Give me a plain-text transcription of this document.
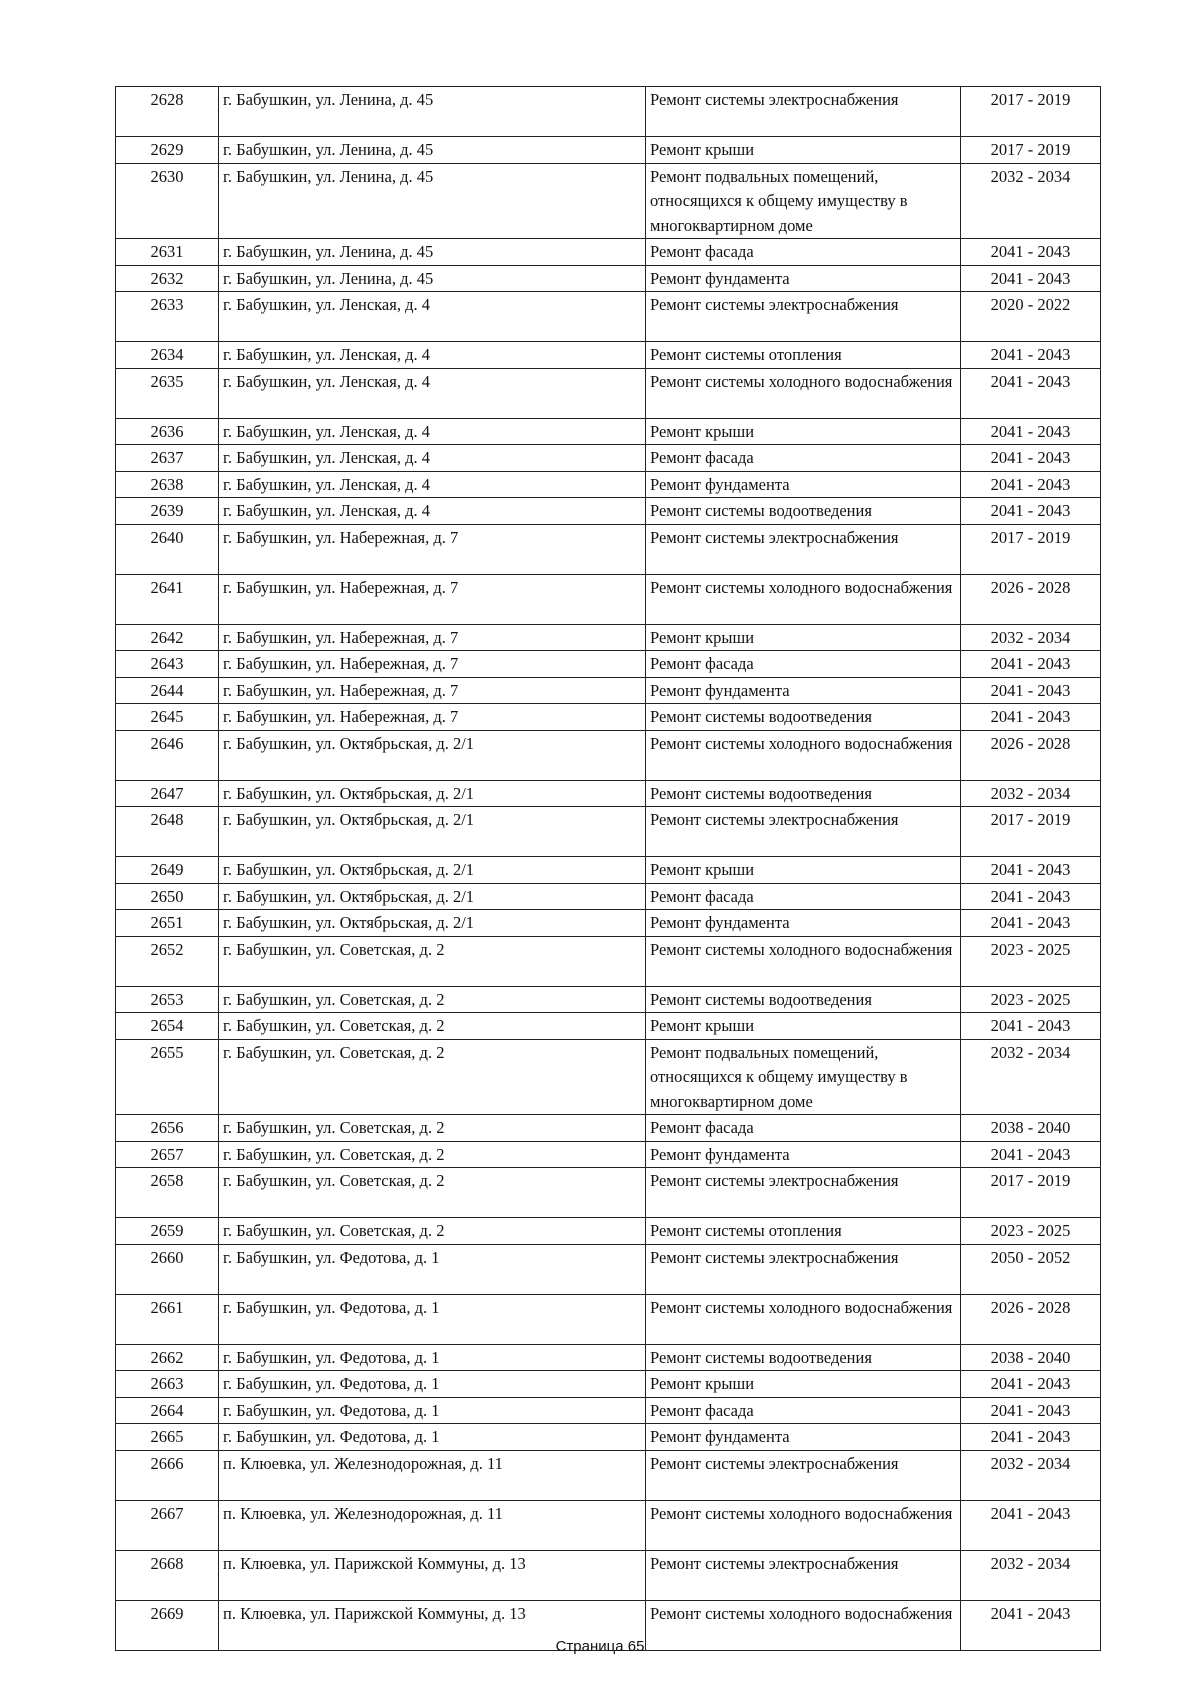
2628	г. Бабушкин, ул. Ленина, д. 45	Ремонт системы электроснабжения	2017 - 2019
2629	г. Бабушкин, ул. Ленина, д. 45	Ремонт крыши	2017 - 2019
2630	г. Бабушкин, ул. Ленина, д. 45	Ремонт подвальных помещений, относящихся к общему имуществу в многоквартирном доме	2032 - 2034
2631	г. Бабушкин, ул. Ленина, д. 45	Ремонт фасада	2041 - 2043
2632	г. Бабушкин, ул. Ленина, д. 45	Ремонт фундамента	2041 - 2043
2633	г. Бабушкин, ул. Ленская, д. 4	Ремонт системы электроснабжения	2020 - 2022
2634	г. Бабушкин, ул. Ленская, д. 4	Ремонт системы отопления	2041 - 2043
2635	г. Бабушкин, ул. Ленская, д. 4	Ремонт системы холодного водоснабжения	2041 - 2043
2636	г. Бабушкин, ул. Ленская, д. 4	Ремонт крыши	2041 - 2043
2637	г. Бабушкин, ул. Ленская, д. 4	Ремонт фасада	2041 - 2043
2638	г. Бабушкин, ул. Ленская, д. 4	Ремонт фундамента	2041 - 2043
2639	г. Бабушкин, ул. Ленская, д. 4	Ремонт системы водоотведения	2041 - 2043
2640	г. Бабушкин, ул. Набережная, д. 7	Ремонт системы электроснабжения	2017 - 2019
2641	г. Бабушкин, ул. Набережная, д. 7	Ремонт системы холодного водоснабжения	2026 - 2028
2642	г. Бабушкин, ул. Набережная, д. 7	Ремонт крыши	2032 - 2034
2643	г. Бабушкин, ул. Набережная, д. 7	Ремонт фасада	2041 - 2043
2644	г. Бабушкин, ул. Набережная, д. 7	Ремонт фундамента	2041 - 2043
2645	г. Бабушкин, ул. Набережная, д. 7	Ремонт системы водоотведения	2041 - 2043
2646	г. Бабушкин, ул. Октябрьская, д. 2/1	Ремонт системы холодного водоснабжения	2026 - 2028
2647	г. Бабушкин, ул. Октябрьская, д. 2/1	Ремонт системы водоотведения	2032 - 2034
2648	г. Бабушкин, ул. Октябрьская, д. 2/1	Ремонт системы электроснабжения	2017 - 2019
2649	г. Бабушкин, ул. Октябрьская, д. 2/1	Ремонт крыши	2041 - 2043
2650	г. Бабушкин, ул. Октябрьская, д. 2/1	Ремонт фасада	2041 - 2043
2651	г. Бабушкин, ул. Октябрьская, д. 2/1	Ремонт фундамента	2041 - 2043
2652	г. Бабушкин, ул. Советская, д. 2	Ремонт системы холодного водоснабжения	2023 - 2025
2653	г. Бабушкин, ул. Советская, д. 2	Ремонт системы водоотведения	2023 - 2025
2654	г. Бабушкин, ул. Советская, д. 2	Ремонт крыши	2041 - 2043
2655	г. Бабушкин, ул. Советская, д. 2	Ремонт подвальных помещений, относящихся к общему имуществу в многоквартирном доме	2032 - 2034
2656	г. Бабушкин, ул. Советская, д. 2	Ремонт фасада	2038 - 2040
2657	г. Бабушкин, ул. Советская, д. 2	Ремонт фундамента	2041 - 2043
2658	г. Бабушкин, ул. Советская, д. 2	Ремонт системы электроснабжения	2017 - 2019
2659	г. Бабушкин, ул. Советская, д. 2	Ремонт системы отопления	2023 - 2025
2660	г. Бабушкин, ул. Федотова, д. 1	Ремонт системы электроснабжения	2050 - 2052
2661	г. Бабушкин, ул. Федотова, д. 1	Ремонт системы холодного водоснабжения	2026 - 2028
2662	г. Бабушкин, ул. Федотова, д. 1	Ремонт системы водоотведения	2038 - 2040
2663	г. Бабушкин, ул. Федотова, д. 1	Ремонт крыши	2041 - 2043
2664	г. Бабушкин, ул. Федотова, д. 1	Ремонт фасада	2041 - 2043
2665	г. Бабушкин, ул. Федотова, д. 1	Ремонт фундамента	2041 - 2043
2666	п. Клюевка, ул. Железнодорожная, д. 11	Ремонт системы электроснабжения	2032 - 2034
2667	п. Клюевка, ул. Железнодорожная, д. 11	Ремонт системы холодного водоснабжения	2041 - 2043
2668	п. Клюевка, ул. Парижской Коммуны, д. 13	Ремонт системы электроснабжения	2032 - 2034
2669	п. Клюевка, ул. Парижской Коммуны, д. 13	Ремонт системы холодного водоснабжения	2041 - 2043
Страница 65
